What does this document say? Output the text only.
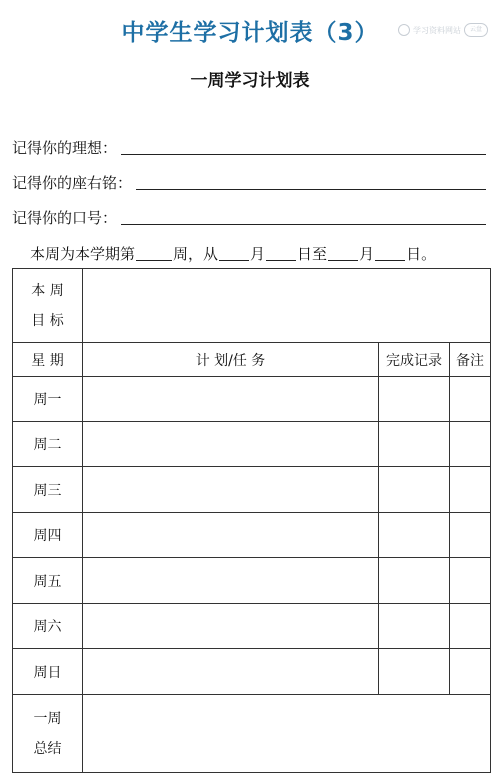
中学生学习计划表（3）	学习资料网站	云盘
一周学习计划表
记得你的理想：
记得你的座右铭：
记得你的口号：
本周为本学期第	周，从 月 日至 月 日。
本 周
目 标			

星 期	计 划/任 务	完成记录	备注
周一			
周二			
周三			
周四			
周五			
周六			
周日			

一周
总结			
